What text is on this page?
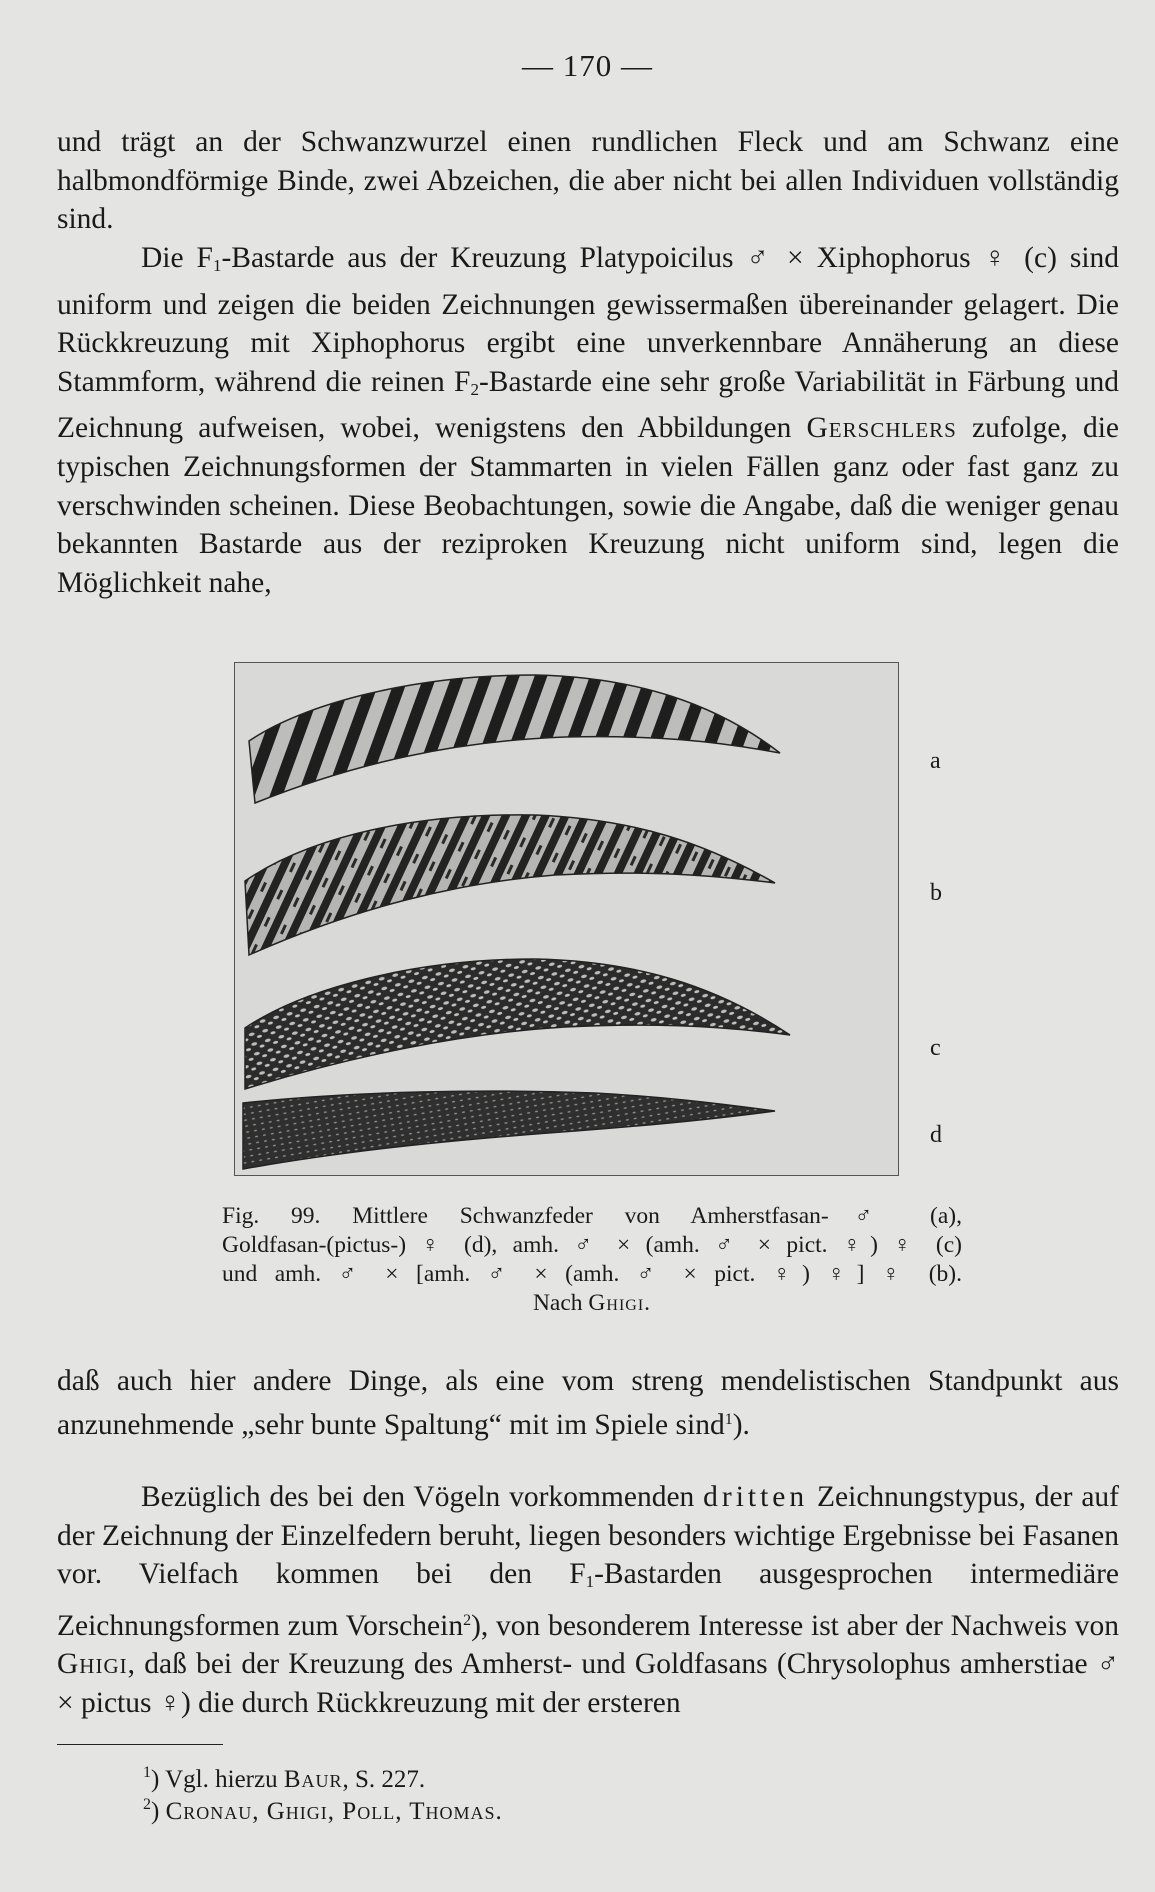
— 170 —

und trägt an der Schwanzwurzel einen rundlichen Fleck und am Schwanz eine halbmondförmige Binde, zwei Abzeichen, die aber nicht bei allen Individuen vollständig sind.

Die $F_1$-Bastarde aus der Kreuzung Platypoicilus ♂ × Xiphophorus ♀ (c) sind uniform und zeigen die beiden Zeichnungen gewissermaßen übereinander gelagert. Die Rückkreuzung mit Xiphophorus ergibt eine unverkennbare Annäherung an diese Stammform, während die reinen $F_2$-Bastarde eine sehr große Variabilität in Färbung und Zeichnung aufweisen, wobei, wenigstens den Abbildungen Gerschlers zufolge, die typischen Zeichnungsformen der Stammarten in vielen Fällen ganz oder fast ganz zu verschwinden scheinen. Diese Beobachtungen, sowie die Angabe, daß die weniger genau bekannten Bastarde aus der reziproken Kreuzung nicht uniform sind, legen die Möglichkeit nahe,

a
b
c
d

Fig. 99. Mittlere Schwanzfeder von Amherstfasan-♂ (a),
Goldfasan-(pictus-) ♀ (d), amh. ♂ × (amh. ♂ × pict. ♀) ♀ (c)
und amh. ♂ × [amh. ♂ × (amh. ♂ × pict. ♀) ♀] ♀ (b).
Nach Ghigi.

daß auch hier andere Dinge, als eine vom streng mendelistischen Standpunkt aus anzunehmende „sehr bunte Spaltung“ mit im Spiele sind$^1$).

Bezüglich des bei den Vögeln vorkommenden dritten Zeichnungstypus, der auf der Zeichnung der Einzelfedern beruht, liegen besonders wichtige Ergebnisse bei Fasanen vor. Vielfach kommen bei den $F_1$-Bastarden ausgesprochen intermediäre Zeichnungsformen zum Vorschein$^2$), von besonderem Interesse ist aber der Nachweis von Ghigi, daß bei der Kreuzung des Amherst- und Goldfasans (Chrysolophus amherstiae ♂ × pictus ♀) die durch Rückkreuzung mit der ersteren

$^1$) Vgl. hierzu Baur, S. 227.
$^2$) Cronau, Ghigi, Poll, Thomas.
